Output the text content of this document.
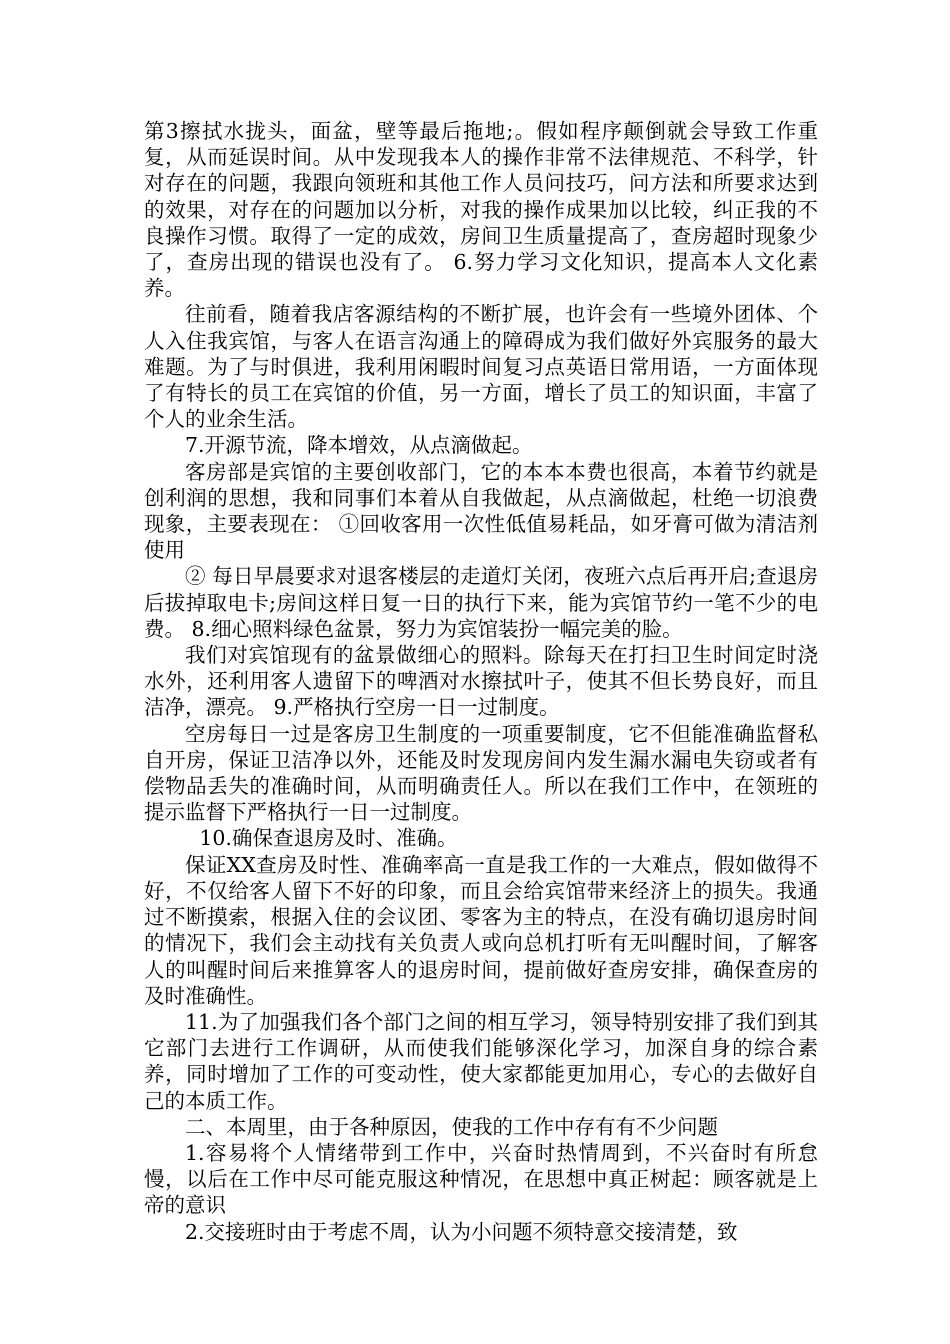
第3擦拭水拢头，面盆，壁等最后拖地;。假如程序颠倒就会导致工作重复，从而延误时间。从中发现我本人的操作非常不法律规范、不科学，针对存在的问题，我跟向领班和其他工作人员问技巧，问方法和所要求达到的效果，对存在的问题加以分析，对我的操作成果加以比较，纠正我的不良操作习惯。取得了一定的成效，房间卫生质量提高了，查房超时现象少了，查房出现的错误也没有了。 6.努力学习文化知识，提高本人文化素养。

往前看，随着我店客源结构的不断扩展，也许会有一些境外团体、个人入住我宾馆，与客人在语言沟通上的障碍成为我们做好外宾服务的最大难题。为了与时俱进，我利用闲暇时间复习点英语日常用语，一方面体现了有特长的员工在宾馆的价值，另一方面，增长了员工的知识面，丰富了个人的业余生活。

7.开源节流，降本增效，从点滴做起。

客房部是宾馆的主要创收部门，它的本本本费也很高，本着节约就是创利润的思想，我和同事们本着从自我做起，从点滴做起，杜绝一切浪费现象，主要表现在： ①回收客用一次性低值易耗品，如牙膏可做为清洁剂使用

② 每日早晨要求对退客楼层的走道灯关闭，夜班六点后再开启;查退房后拔掉取电卡;房间这样日复一日的执行下来，能为宾馆节约一笔不少的电费。 8.细心照料绿色盆景，努力为宾馆装扮一幅完美的脸。

我们对宾馆现有的盆景做细心的照料。除每天在打扫卫生时间定时浇水外，还利用客人遗留下的啤酒对水擦拭叶子，使其不但长势良好，而且洁净，漂亮。 9.严格执行空房一日一过制度。

空房每日一过是客房卫生制度的一项重要制度，它不但能准确监督私自开房，保证卫洁净以外，还能及时发现房间内发生漏水漏电失窃或者有偿物品丢失的准确时间，从而明确责任人。所以在我们工作中，在领班的提示监督下严格执行一日一过制度。

10.确保查退房及时、准确。

保证XX查房及时性、准确率高一直是我工作的一大难点，假如做得不好，不仅给客人留下不好的印象，而且会给宾馆带来经济上的损失。我通过不断摸索，根据入住的会议团、零客为主的特点，在没有确切退房时间的情况下，我们会主动找有关负责人或向总机打听有无叫醒时间，了解客人的叫醒时间后来推算客人的退房时间，提前做好查房安排，确保查房的及时准确性。

11.为了加强我们各个部门之间的相互学习，领导特别安排了我们到其它部门去进行工作调研，从而使我们能够深化学习，加深自身的综合素养，同时增加了工作的可变动性，使大家都能更加用心，专心的去做好自己的本质工作。

二、本周里，由于各种原因，使我的工作中存有有不少问题

1.容易将个人情绪带到工作中，兴奋时热情周到，不兴奋时有所怠慢，以后在工作中尽可能克服这种情况，在思想中真正树起：顾客就是上帝的意识

2.交接班时由于考虑不周，认为小问题不须特意交接清楚，致
